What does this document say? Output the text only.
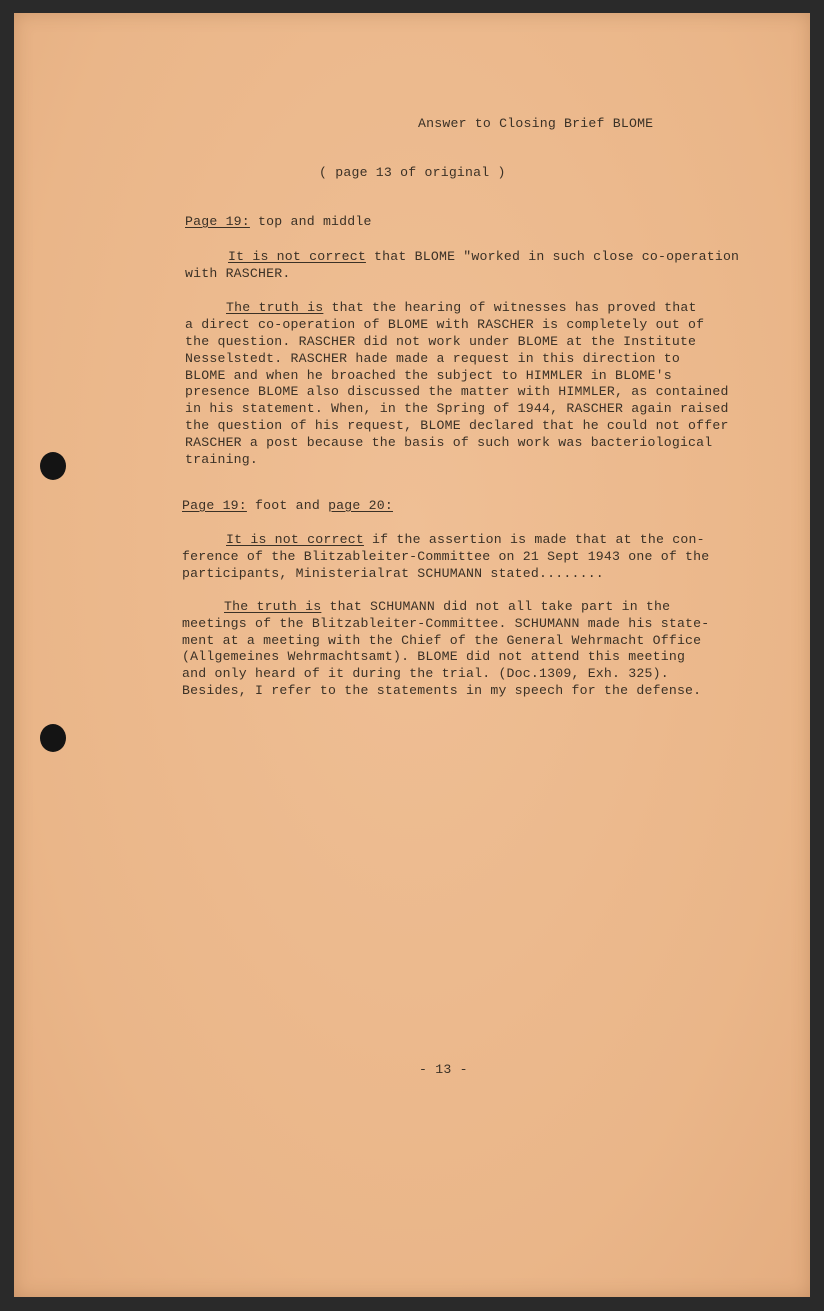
Answer to Closing Brief BLOME
( page 13 of original )
Page 19: top and middle
It is not correct that BLOME "worked in such close co-operation
with RASCHER.
The truth is that the hearing of witnesses has proved that
a direct co-operation of BLOME with RASCHER is completely out of
the question. RASCHER did not work under BLOME at the Institute
Nesselstedt. RASCHER hade made a request in this direction to
BLOME and when he broached the subject to HIMMLER in BLOME's
presence BLOME also discussed the matter with HIMMLER, as contained
in his statement. When, in the Spring of 1944, RASCHER again raised
the question of his request, BLOME declared that he could not offer
RASCHER a post because the basis of such work was bacteriological
training.
Page 19: foot and page 20:
It is not correct if the assertion is made that at the con-
ference of the Blitzableiter-Committee on 21 Sept 1943 one of the
participants, Ministerialrat SCHUMANN stated........
The truth is that SCHUMANN did not all take part in the
meetings of the Blitzableiter-Committee. SCHUMANN made his state-
ment at a meeting with the Chief of the General Wehrmacht Office
(Allgemeines Wehrmachtsamt). BLOME did not attend this meeting
and only heard of it during the trial. (Doc.1309, Exh. 325).
Besides, I refer to the statements in my speech for the defense.
- 13 -
